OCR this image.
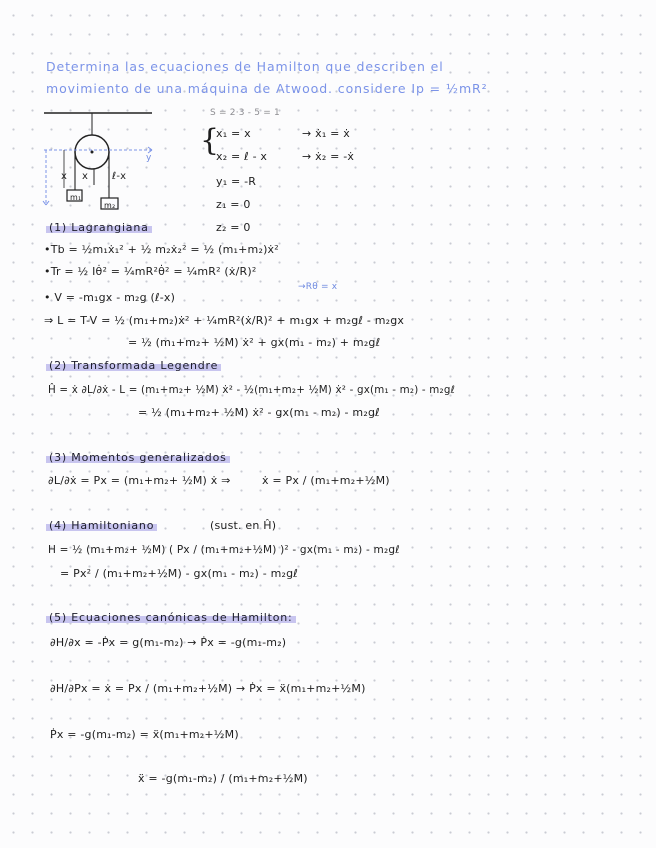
Determina las ecuaciones de Hamilton que describen el
movimiento de una máquina de Atwood. considere Ip = ½mR²
x x ℓ-x
m₁
m₂
y
S = 2·3 - 5 = 1
{
x₁ = x	→ ẋ₁ = ẋ
x₂ = ℓ - x	→ ẋ₂ = -ẋ
y₁ = -R
z₁ = 0
z₂ = 0
(1) Lagrangiana
•Tb = ½m₁ẋ₁² + ½ m₂ẋ₂² = ½ (m₁+m₂)ẋ²
•Tr = ½ Iθ̇² = ¼mR²θ̇² = ¼mR² (ẋ/R)²
→Rθ = x
• V = -m₁gx - m₂g (ℓ-x)
⇒ L = T-V = ½ (m₁+m₂)ẋ² + ¼mR²(ẋ/R)² + m₁gx + m₂gℓ - m₂gx
= ½ (m₁+m₂+ ½M) ẋ² + gx(m₁ - m₂) + m₂gℓ
(2) Transformada Legendre
Ĥ = ẋ ∂L/∂ẋ - L = (m₁+m₂+ ½M) ẋ² - ½(m₁+m₂+ ½M) ẋ² - gx(m₁ - m₂) - m₂gℓ
= ½ (m₁+m₂+ ½M) ẋ² - gx(m₁ - m₂) - m₂gℓ
(3) Momentos generalizados
∂L/∂ẋ = Px = (m₁+m₂+ ½M) ẋ ⇒	ẋ = Px / (m₁+m₂+½M)
(4) Hamiltoniano	(sust. en Ĥ)
H = ½ (m₁+m₂+ ½M) ( Px / (m₁+m₂+½M) )² - gx(m₁ - m₂) - m₂gℓ
= Px² / (m₁+m₂+½M) - gx(m₁ - m₂) - m₂gℓ
(5) Ecuaciones canónicas de Hamilton:
∂H/∂x = -Ṗx = g(m₁-m₂) → Ṗx = -g(m₁-m₂)
∂H/∂Px = ẋ = Px / (m₁+m₂+½M) → Ṗx = ẍ(m₁+m₂+½M)
Ṗx = -g(m₁-m₂) = ẍ(m₁+m₂+½M)
ẍ = -g(m₁-m₂) / (m₁+m₂+½M)
